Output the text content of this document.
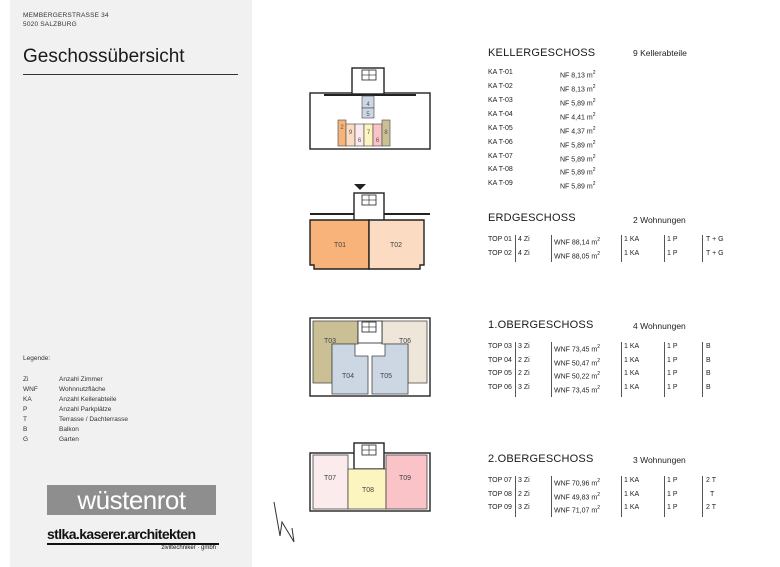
MEMBERGERSTRASSE 34
5020 SALZBURG
Geschossübersicht
Legende:
Zi	Anzahl Zimmer
WNF	Wohnnutzfläche
KA	Anzahl Kellerabteile
P	Anzahl Parkplätze
T	Terrasse / Dachterrasse
B	Balkon
G	Garten
wüstenrot
stlka.kaserer.architekten
ziviltechniker · gmbh
2
9
6
7
6
8
4
5
T01	T02
T03
T04	T05
T06
T07
T08
T09
KELLERGESCHOSS	9 Kellerabteile
KA T-01	NF 8,13 $m^2$
KA T-02	NF 8,13 $m^2$
KA T-03	NF 5,89 $m^2$
KA T-04	NF 4,41 $m^2$
KA T-05	NF 4,37 $m^2$
KA T-06	NF 5,89 $m^2$
KA T-07	NF 5,89 $m^2$
KA T-08	NF 5,89 $m^2$
KA T-09	NF 5,89 $m^2$
ERDGESCHOSS	2 Wohnungen
TOP 01 4 Zi	WNF 88,14 $m^2$	1 KA	1 P	T + G
TOP 02 4 Zi	WNF 88,05 $m^2$	1 KA	1 P	T + G
1.OBERGESCHOSS	4 Wohnungen
TOP 03 3 Zi	WNF 73,45 $m^2$	1 KA	1 P	B
TOP 04 2 Zi	WNF 50,47 $m^2$	1 KA	1 P	B
TOP 05 2 Zi	WNF 50,22 $m^2$	1 KA	1 P	B
TOP 06 3 Zi	WNF 73,45 $m^2$	1 KA	1 P	B
2.OBERGESCHOSS	3 Wohnungen
TOP 07 3 Zi	WNF 70,96 $m^2$	1 KA	1 P	2 T
TOP 08 2 Zi	WNF 49,83 $m^2$	1 KA	1 P	T
TOP 09 3 Zi	WNF 71,07 $m^2$	1 KA	1 P	2 T
